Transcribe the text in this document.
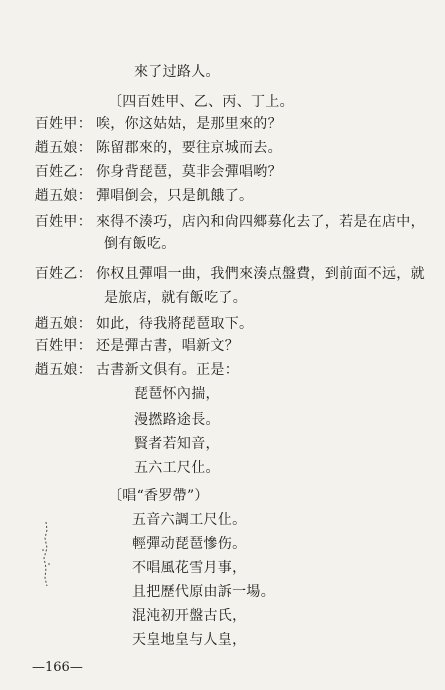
來了过路人。
〔四百姓甲、乙、丙、丁上。
百姓甲： 唉，你这姑姑，是那里來的？
趙五娘： 陈留郡來的，要往京城而去。
百姓乙： 你身背琵琶，莫非会彈唱哟？
趙五娘： 彈唱倒会，只是飢餓了。
百姓甲： 來得不湊巧，店內和尙四郷募化去了，若是在店中，
倒有飯吃。
百姓乙： 你权且彈唱一曲，我們來湊点盤費，到前面不远，就
是旅店，就有飯吃了。
趙五娘： 如此，待我將琵琶取下。
百姓甲： 还是彈古書，唱新文？
趙五娘： 古書新文俱有。正是：
琵琶怀內揣，
漫撚路途長。
賢者若知音，
五六工尺仩。
〔唱“香罗帶”）
五音六調工尺仩。
輕彈动琵琶慘伤。
不唱風花雪月事，
且把歷代原由訴一場。
混沌初开盤古氏，
天皇地皇与人皇，
—166—
